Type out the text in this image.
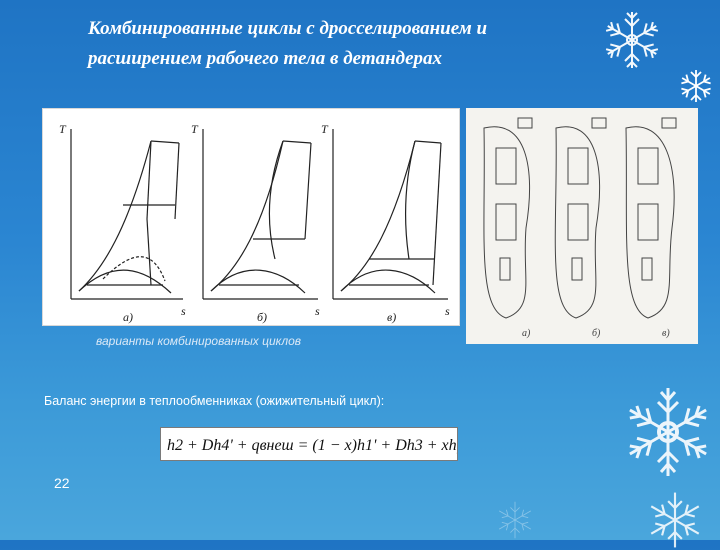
Комбинированные циклы с дросселированием и
расширением рабочего тела в детандерах
T
s
а)
T
s
б)
T
s
в)
а)	б)	в)
варианты комбинированных циклов
Баланс энергии в теплообменниках (ожижительный цикл):
h2 + Dh4' + qвнеш = (1 − x)h1' + Dh3 + xhf
22
